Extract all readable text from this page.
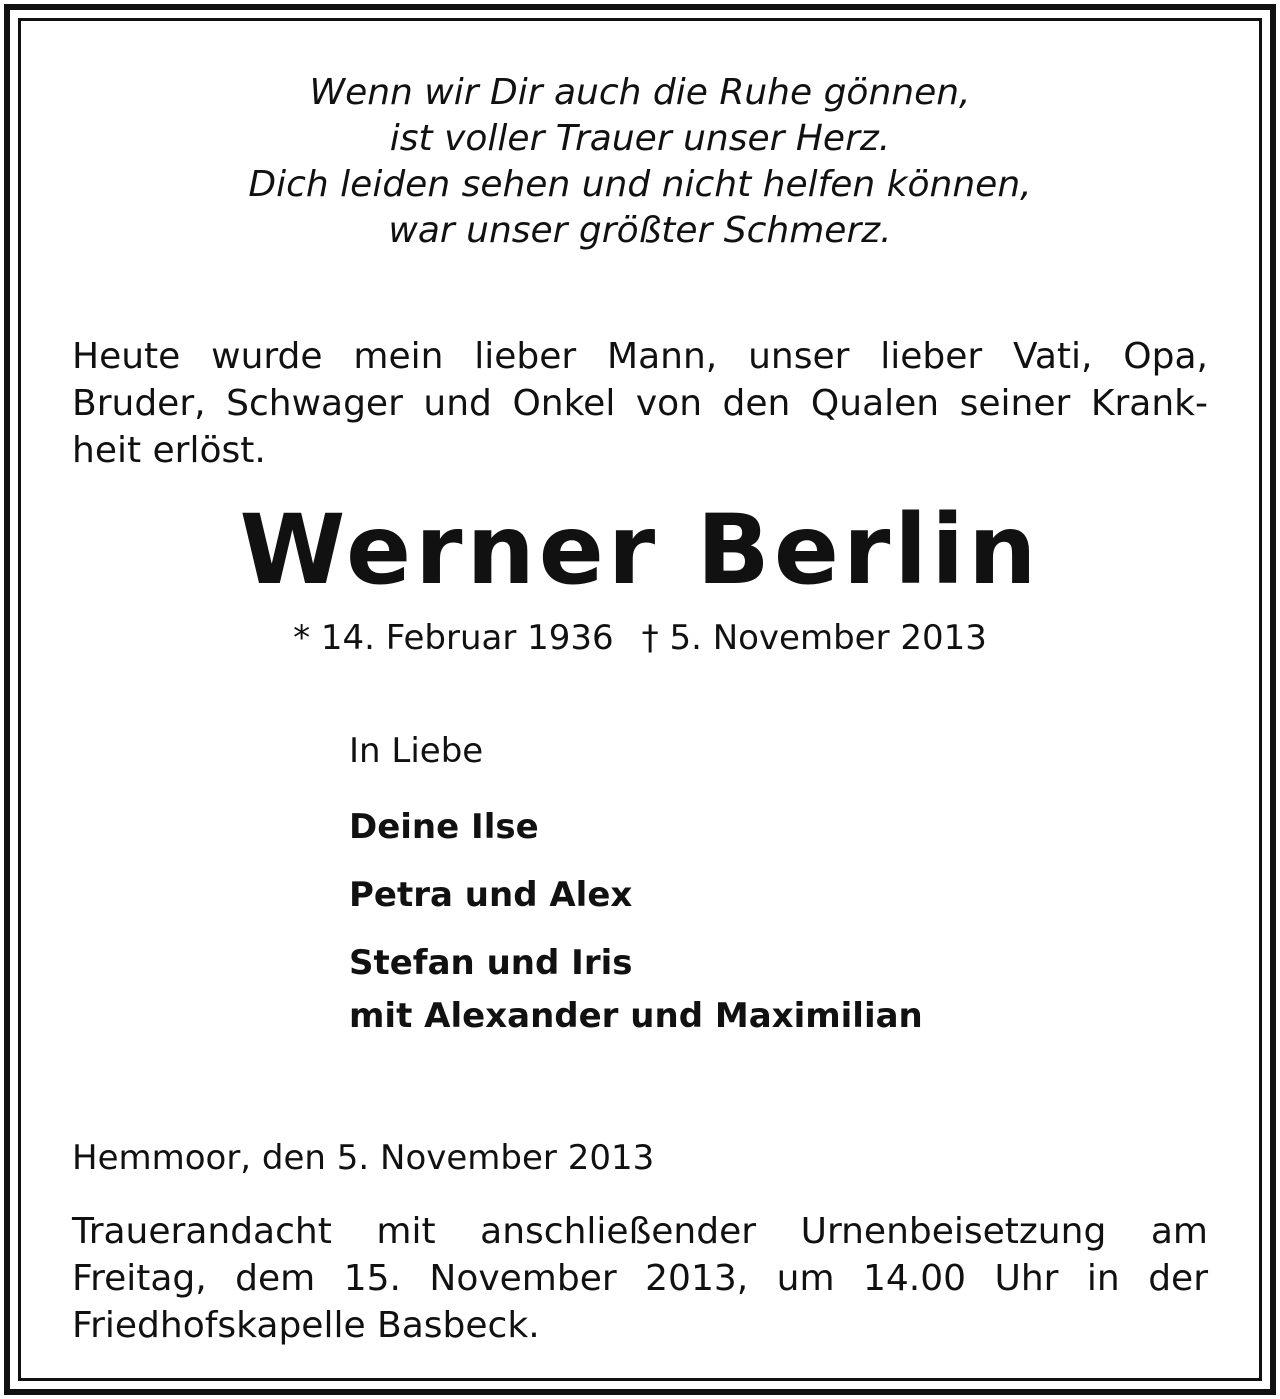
Wenn wir Dir auch die Ruhe gönnen,
ist voller Trauer unser Herz.
Dich leiden sehen und nicht helfen können,
war unser größter Schmerz.
Heute wurde mein lieber Mann, unser lieber Vati, Opa,
Bruder, Schwager und Onkel von den Qualen seiner Krank-
heit erlöst.
Werner Berlin
* 14. Februar 1936 † 5. November 2013
In Liebe
Deine Ilse
Petra und Alex
Stefan und Iris
mit Alexander und Maximilian
Hemmoor, den 5. November 2013
Trauerandacht mit anschließender Urnenbeisetzung am
Freitag, dem 15. November 2013, um 14.00 Uhr in der
Friedhofskapelle Basbeck.
